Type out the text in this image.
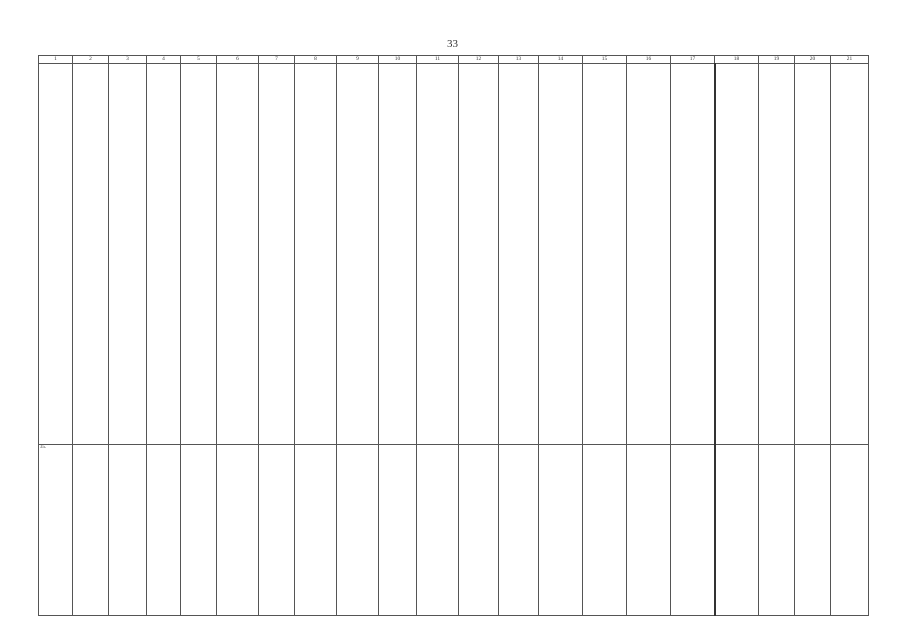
33
1	2	3	4	5	6	7	8	9	10	11	12	13	14	15	16	17	18	19	20	21

35.																				
